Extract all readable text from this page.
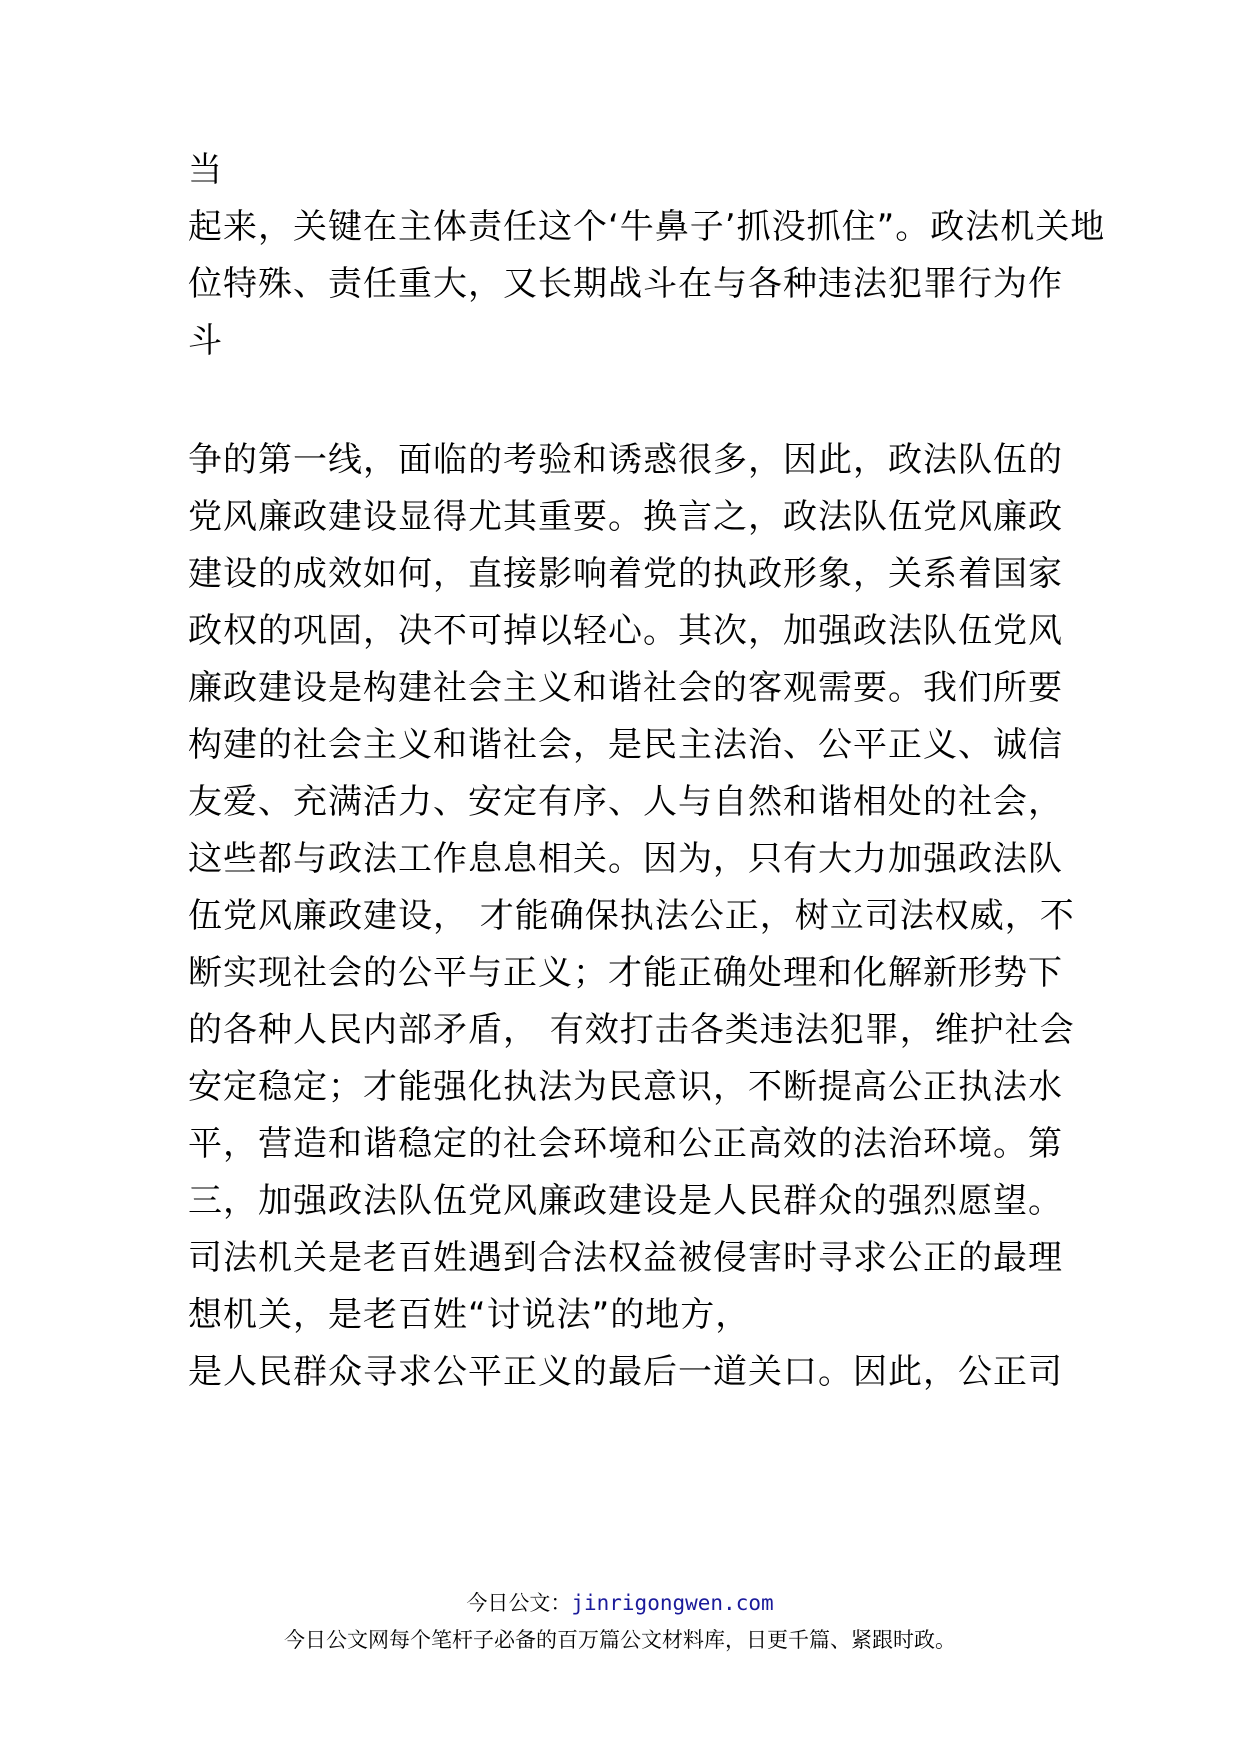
当
起来，关键在主体责任这个‘牛鼻子’抓没抓住”。政法机关地
位特殊、责任重大，又长期战斗在与各种违法犯罪行为作
斗
争的第一线，面临的考验和诱惑很多，因此，政法队伍的
党风廉政建设显得尤其重要。换言之，政法队伍党风廉政
建设的成效如何，直接影响着党的执政形象，关系着国家
政权的巩固，决不可掉以轻心。其次，加强政法队伍党风
廉政建设是构建社会主义和谐社会的客观需要。我们所要
构建的社会主义和谐社会，是民主法治、公平正义、诚信
友爱、充满活力、安定有序、人与自然和谐相处的社会，
这些都与政法工作息息相关。因为，只有大力加强政法队
伍党风廉政建设， 才能确保执法公正，树立司法权威，不
断实现社会的公平与正义；才能正确处理和化解新形势下
的各种人民内部矛盾， 有效打击各类违法犯罪，维护社会
安定稳定；才能强化执法为民意识，不断提高公正执法水
平，营造和谐稳定的社会环境和公正高效的法治环境。第
三，加强政法队伍党风廉政建设是人民群众的强烈愿望。
司法机关是老百姓遇到合法权益被侵害时寻求公正的最理
想机关，是老百姓“讨说法”的地方，
是人民群众寻求公平正义的最后一道关口。因此，公正司
今日公文：jinrigongwen.com
今日公文网每个笔杆子必备的百万篇公文材料库，日更千篇、紧跟时政。
